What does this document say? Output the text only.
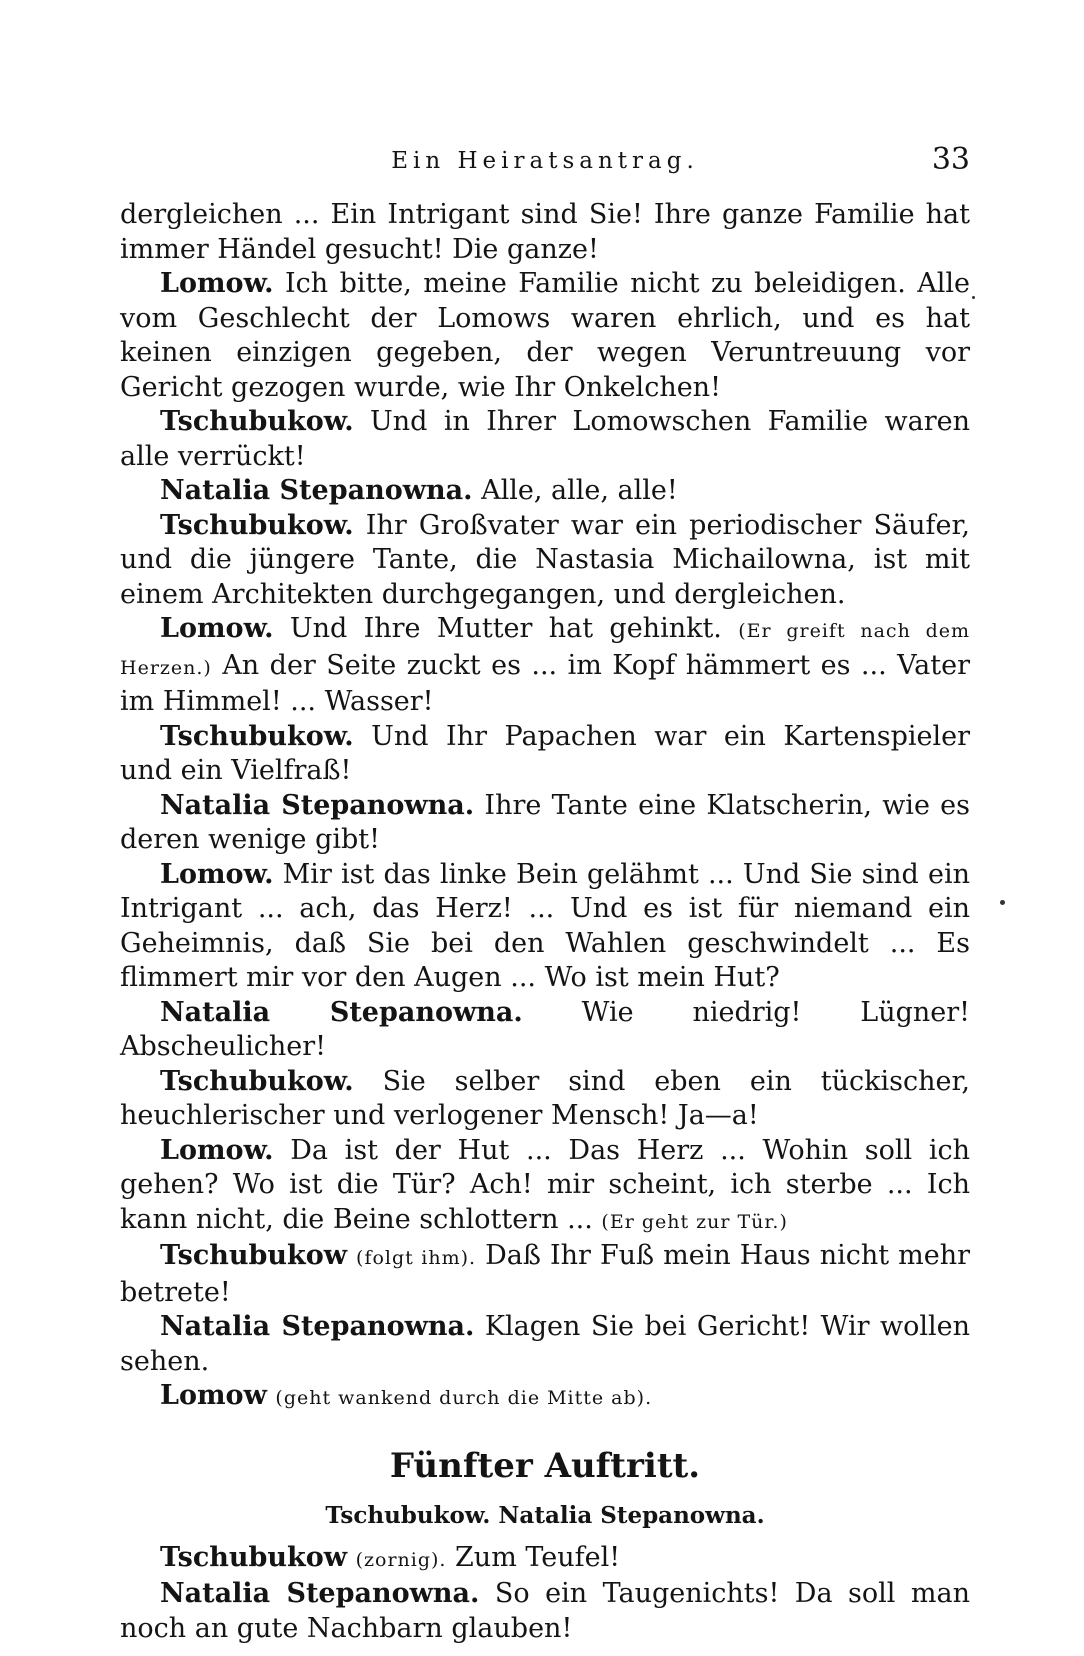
Ein Heiratsantrag.	33

dergleichen ... Ein Intrigant sind Sie! Ihre ganze Familie hat immer Händel gesucht! Die ganze!

Lomow. Ich bitte, meine Familie nicht zu beleidigen. Alle vom Geschlecht der Lomows waren ehrlich, und es hat keinen einzigen gegeben, der wegen Veruntreuung vor Gericht gezogen wurde, wie Ihr Onkelchen!

Tschubukow. Und in Ihrer Lomowschen Familie waren alle verrückt!

Natalia Stepanowna. Alle, alle, alle!

Tschubukow. Ihr Großvater war ein periodischer Säufer, und die jüngere Tante, die Nastasia Michailowna, ist mit einem Architekten durchgegangen, und dergleichen.

Lomow. Und Ihre Mutter hat gehinkt. (Er greift nach dem Herzen.) An der Seite zuckt es ... im Kopf hämmert es ... Vater im Himmel! ... Wasser!

Tschubukow. Und Ihr Papachen war ein Kartenspieler und ein Vielfraß!

Natalia Stepanowna. Ihre Tante eine Klatscherin, wie es deren wenige gibt!

Lomow. Mir ist das linke Bein gelähmt ... Und Sie sind ein Intrigant ... ach, das Herz! ... Und es ist für niemand ein Geheimnis, daß Sie bei den Wahlen geschwindelt ... Es flimmert mir vor den Augen ... Wo ist mein Hut?

Natalia Stepanowna. Wie niedrig! Lügner! Abscheulicher!

Tschubukow. Sie selber sind eben ein tückischer, heuchlerischer und verlogener Mensch! Ja—a!

Lomow. Da ist der Hut ... Das Herz ... Wohin soll ich gehen? Wo ist die Tür? Ach! mir scheint, ich sterbe ... Ich kann nicht, die Beine schlottern ... (Er geht zur Tür.)

Tschubukow (folgt ihm). Daß Ihr Fuß mein Haus nicht mehr betrete!

Natalia Stepanowna. Klagen Sie bei Gericht! Wir wollen sehen.

Lomow (geht wankend durch die Mitte ab).

Fünfter Auftritt.
Tschubukow. Natalia Stepanowna.

Tschubukow (zornig). Zum Teufel!

Natalia Stepanowna. So ein Taugenichts! Da soll man noch an gute Nachbarn glauben!
